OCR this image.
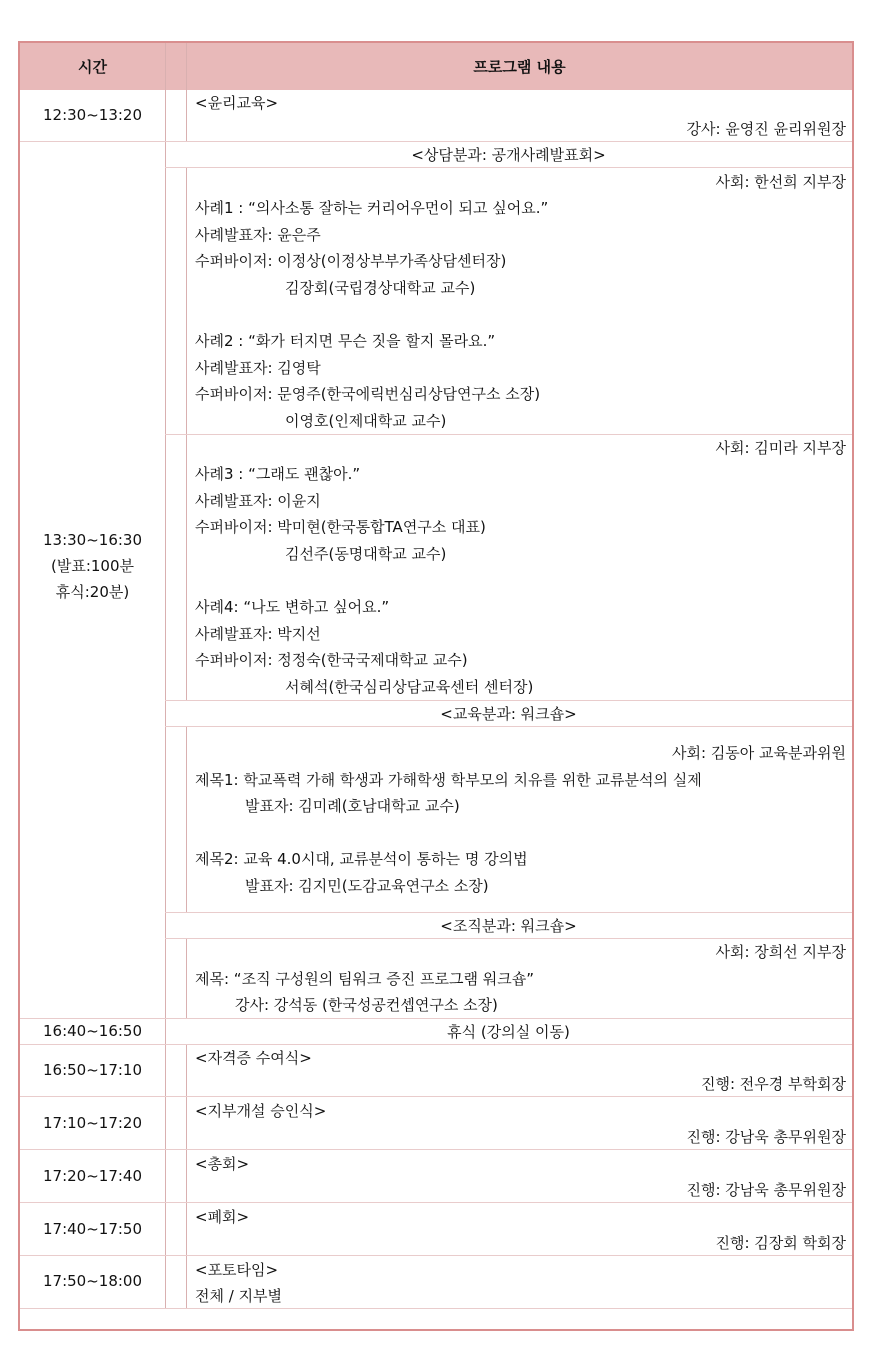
시간	프로그램 내용
12:30~13:20
<윤리교육>
강사: 윤영진 윤리위원장
13:30~16:30
(발표:100분
휴식:20분)
<상담분과: 공개사례발표회>
사회: 한선희 지부장
사례1 : “의사소통 잘하는 커리어우먼이 되고 싶어요.”
사례발표자: 윤은주
수퍼바이저: 이정상(이정상부부가족상담센터장)
김장회(국립경상대학교 교수)
사례2 : “화가 터지면 무슨 짓을 할지 몰라요.”
사례발표자: 김영탁
수퍼바이저: 문영주(한국에릭번심리상담연구소 소장)
이영호(인제대학교 교수)
사회: 김미라 지부장
사례3 : “그래도 괜찮아.”
사례발표자: 이윤지
수퍼바이저: 박미현(한국통합TA연구소 대표)
김선주(동명대학교 교수)
사례4: “나도 변하고 싶어요.”
사례발표자: 박지선
수퍼바이저: 정정숙(한국국제대학교 교수)
서혜석(한국심리상담교육센터 센터장)
<교육분과: 워크숍>
사회: 김동아 교육분과위원
제목1: 학교폭력 가해 학생과 가해학생 학부모의 치유를 위한 교류분석의 실제
발표자: 김미례(호남대학교 교수)
제목2: 교육 4.0시대, 교류분석이 통하는 명 강의법
발표자: 김지민(도감교육연구소 소장)
<조직분과: 워크숍>
사회: 장희선 지부장
제목: “조직 구성원의 팀워크 증진 프로그램 워크숍”
강사: 강석동 (한국성공컨셉연구소 소장)
16:40~16:50	휴식 (강의실 이동)
16:50~17:10
<자격증 수여식>
진행: 전우경 부학회장
17:10~17:20
<지부개설 승인식>
진행: 강남욱 총무위원장
17:20~17:40
<총회>
진행: 강남욱 총무위원장
17:40~17:50
<폐회>
진행: 김장회 학회장
17:50~18:00
<포토타임>
전체 / 지부별
